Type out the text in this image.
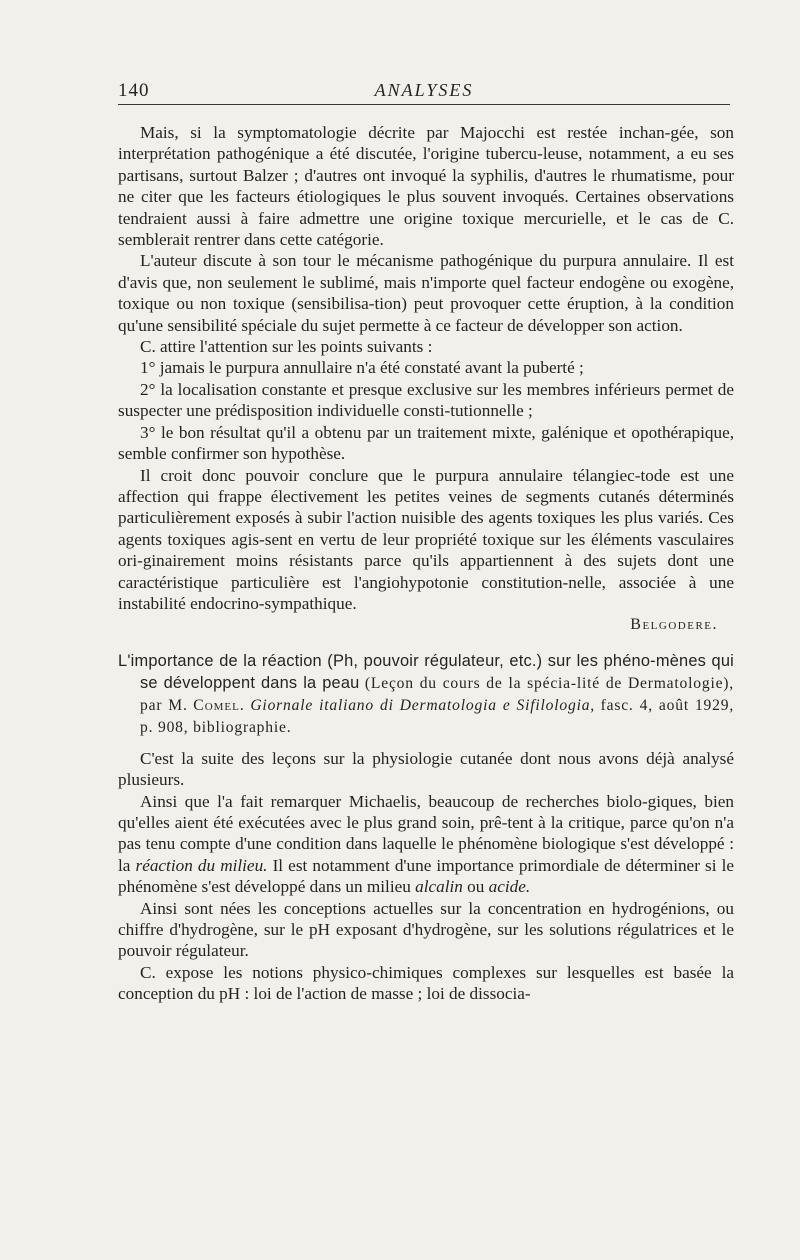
140	ANALYSES

Mais, si la symptomatologie décrite par Majocchi est restée inchan-gée, son interprétation pathogénique a été discutée, l'origine tubercu-leuse, notamment, a eu ses partisans, surtout Balzer ; d'autres ont invoqué la syphilis, d'autres le rhumatisme, pour ne citer que les facteurs étiologiques le plus souvent invoqués. Certaines observations tendraient aussi à faire admettre une origine toxique mercurielle, et le cas de C. semblerait rentrer dans cette catégorie.

L'auteur discute à son tour le mécanisme pathogénique du purpura annulaire. Il est d'avis que, non seulement le sublimé, mais n'importe quel facteur endogène ou exogène, toxique ou non toxique (sensibilisa-tion) peut provoquer cette éruption, à la condition qu'une sensibilité spéciale du sujet permette à ce facteur de développer son action.

C. attire l'attention sur les points suivants :

1° jamais le purpura annullaire n'a été constaté avant la puberté ;

2° la localisation constante et presque exclusive sur les membres inférieurs permet de suspecter une prédisposition individuelle consti-tutionnelle ;

3° le bon résultat qu'il a obtenu par un traitement mixte, galénique et opothérapique, semble confirmer son hypothèse.

Il croit donc pouvoir conclure que le purpura annulaire télangiec-tode est une affection qui frappe électivement les petites veines de segments cutanés déterminés particulièrement exposés à subir l'action nuisible des agents toxiques les plus variés. Ces agents toxiques agis-sent en vertu de leur propriété toxique sur les éléments vasculaires ori-ginairement moins résistants parce qu'ils appartiennent à des sujets dont une caractéristique particulière est l'angiohypotonie constitution-nelle, associée à une instabilité endocrino-sympathique.

Belgodere.

L'importance de la réaction (Ph, pouvoir régulateur, etc.) sur les phéno-mènes qui se développent dans la peau (Leçon du cours de la spécia-lité de Dermatologie), par M. Comel. Giornale italiano di Dermatologia e Sifilologia, fasc. 4, août 1929, p. 908, bibliographie.

C'est la suite des leçons sur la physiologie cutanée dont nous avons déjà analysé plusieurs.

Ainsi que l'a fait remarquer Michaelis, beaucoup de recherches biolo-giques, bien qu'elles aient été exécutées avec le plus grand soin, prê-tent à la critique, parce qu'on n'a pas tenu compte d'une condition dans laquelle le phénomène biologique s'est développé : la réaction du milieu. Il est notamment d'une importance primordiale de déterminer si le phénomène s'est développé dans un milieu alcalin ou acide.

Ainsi sont nées les conceptions actuelles sur la concentration en hydrogénions, ou chiffre d'hydrogène, sur le pH exposant d'hydrogène, sur les solutions régulatrices et le pouvoir régulateur.

C. expose les notions physico-chimiques complexes sur lesquelles est basée la conception du pH : loi de l'action de masse ; loi de dissocia-
